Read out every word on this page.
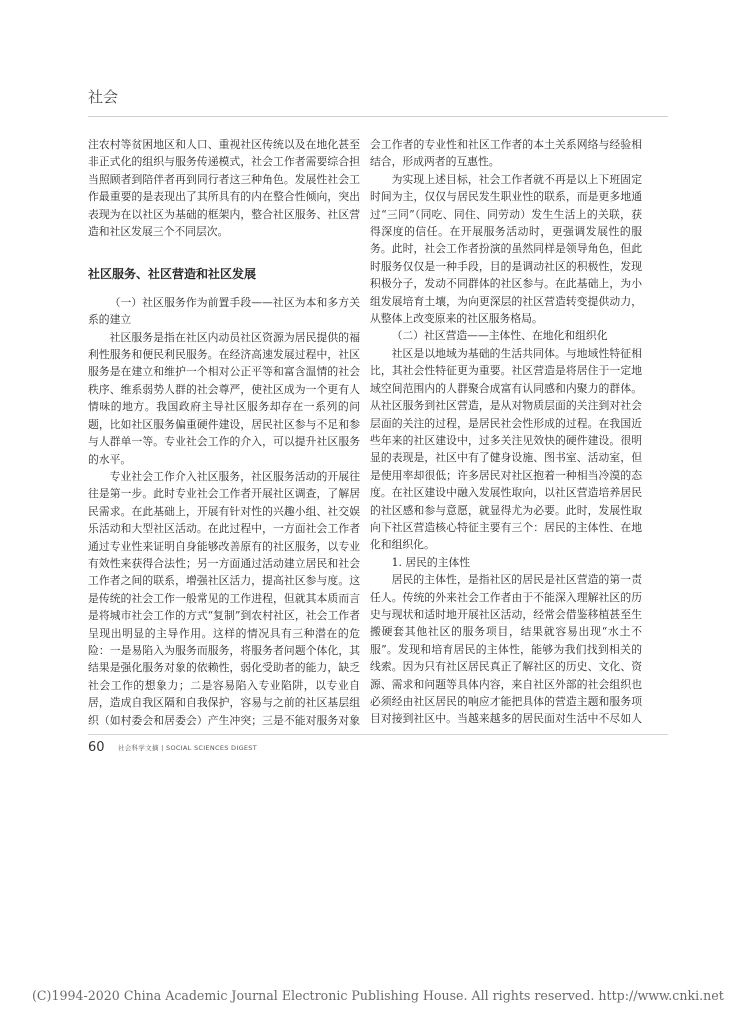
社会

注农村等贫困地区和人口、重视社区传统以及在地化甚至非正式化的组织与服务传递模式，社会工作者需要综合担当照顾者到陪伴者再到同行者这三种角色。发展性社会工作最重要的是表现出了其所具有的内在整合性倾向，突出表现为在以社区为基础的框架内，整合社区服务、社区营造和社区发展三个不同层次。

社区服务、社区营造和社区发展

（一）社区服务作为前置手段——社区为本和多方关系的建立

社区服务是指在社区内动员社区资源为居民提供的福利性服务和便民利民服务。在经济高速发展过程中，社区服务是在建立和维护一个相对公正平等和富含温情的社会秩序、维系弱势人群的社会尊严，使社区成为一个更有人情味的地方。我国政府主导社区服务却存在一系列的问题，比如社区服务偏重硬件建设，居民社区参与不足和参与人群单一等。专业社会工作的介入，可以提升社区服务的水平。

专业社会工作介入社区服务，社区服务活动的开展往往是第一步。此时专业社会工作者开展社区调查，了解居民需求。在此基础上，开展有针对性的兴趣小组、社交娱乐活动和大型社区活动。在此过程中，一方面社会工作者通过专业性来证明自身能够改善原有的社区服务，以专业有效性来获得合法性；另一方面通过活动建立居民和社会工作者之间的联系，增强社区活力，提高社区参与度。这是传统的社会工作一般常见的工作进程，但就其本质而言是将城市社会工作的方式“复制”到农村社区，社会工作者呈现出明显的主导作用。这样的情况具有三种潜在的危险：一是易陷入为服务而服务，将服务者问题个体化，其结果是强化服务对象的依赖性，弱化受助者的能力，缺乏社会工作的想象力；二是容易陷入专业陷阱，以专业自居，造成自我区隔和自我保护，容易与之前的社区基层组织（如村委会和居委会）产生冲突；三是不能对服务对象

会工作者的专业性和社区工作者的本土关系网络与经验相结合，形成两者的互惠性。

为实现上述目标，社会工作者就不再是以上下班固定时间为主，仅仅与居民发生职业性的联系，而是更多地通过“三同”（同吃、同住、同劳动）发生生活上的关联，获得深度的信任。在开展服务活动时，更强调发展性的服务。此时，社会工作者扮演的虽然同样是领导角色，但此时服务仅仅是一种手段，目的是调动社区的积极性，发现积极分子，发动不同群体的社区参与。在此基础上，为小组发展培育土壤，为向更深层的社区营造转变提供动力，从整体上改变原来的社区服务格局。

（二）社区营造——主体性、在地化和组织化

社区是以地域为基础的生活共同体。与地域性特征相比，其社会性特征更为重要。社区营造是将居住于一定地域空间范围内的人群聚合成富有认同感和内聚力的群体。从社区服务到社区营造，是从对物质层面的关注到对社会层面的关注的过程，是居民社会性形成的过程。在我国近些年来的社区建设中，过多关注见效快的硬件建设。很明显的表现是，社区中有了健身设施、图书室、活动室，但是使用率却很低；许多居民对社区抱着一种相当冷漠的态度。在社区建设中融入发展性取向，以社区营造培养居民的社区感和参与意愿，就显得尤为必要。此时，发展性取向下社区营造核心特征主要有三个：居民的主体性、在地化和组织化。

1. 居民的主体性

居民的主体性，是指社区的居民是社区营造的第一责任人。传统的外来社会工作者由于不能深入理解社区的历史与现状和适时地开展社区活动，经常会借鉴移植甚至生搬硬套其他社区的服务项目，结果就容易出现“水土不服”。发现和培育居民的主体性，能够为我们找到相关的线索。因为只有社区居民真正了解社区的历史、文化、资源、需求和问题等具体内容，来自社区外部的社会组织也必须经由社区居民的响应才能把具体的营造主题和服务项目对接到社区中。当越来越多的居民面对生活中不尽如人

60 社会科学文摘 | SOCIAL SCIENCES DIGEST
(C)1994-2020 China Academic Journal Electronic Publishing House. All rights reserved. http://www.cnki.net
